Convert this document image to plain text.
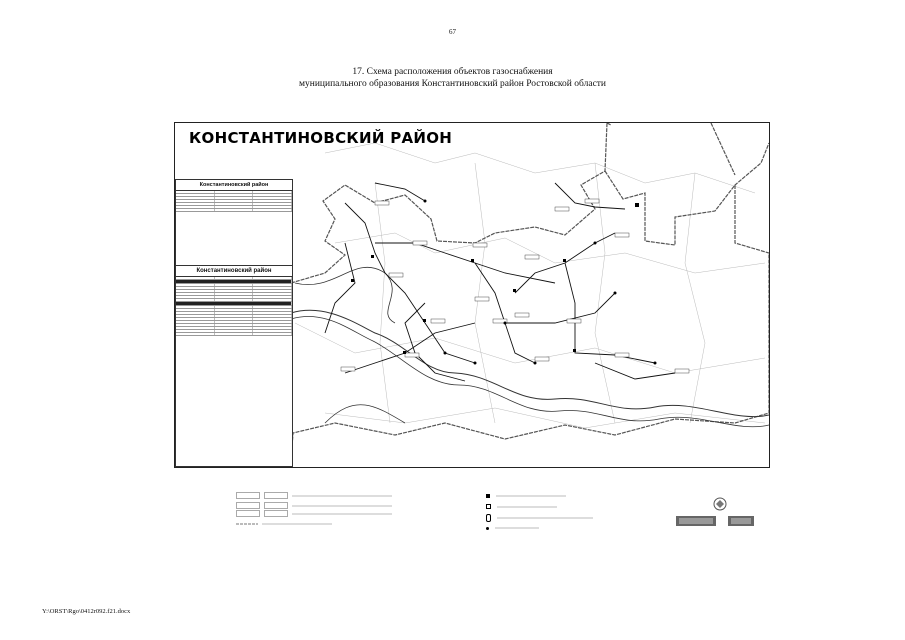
67
17. Схема расположения объектов газоснабжения
муниципального образования Константиновский район Ростовской области
КОНСТАНТИНОВСКИЙ РАЙОН
Константиновский район
Константиновский район
Y:\ORST\Rgo\0412r092.f21.docx
